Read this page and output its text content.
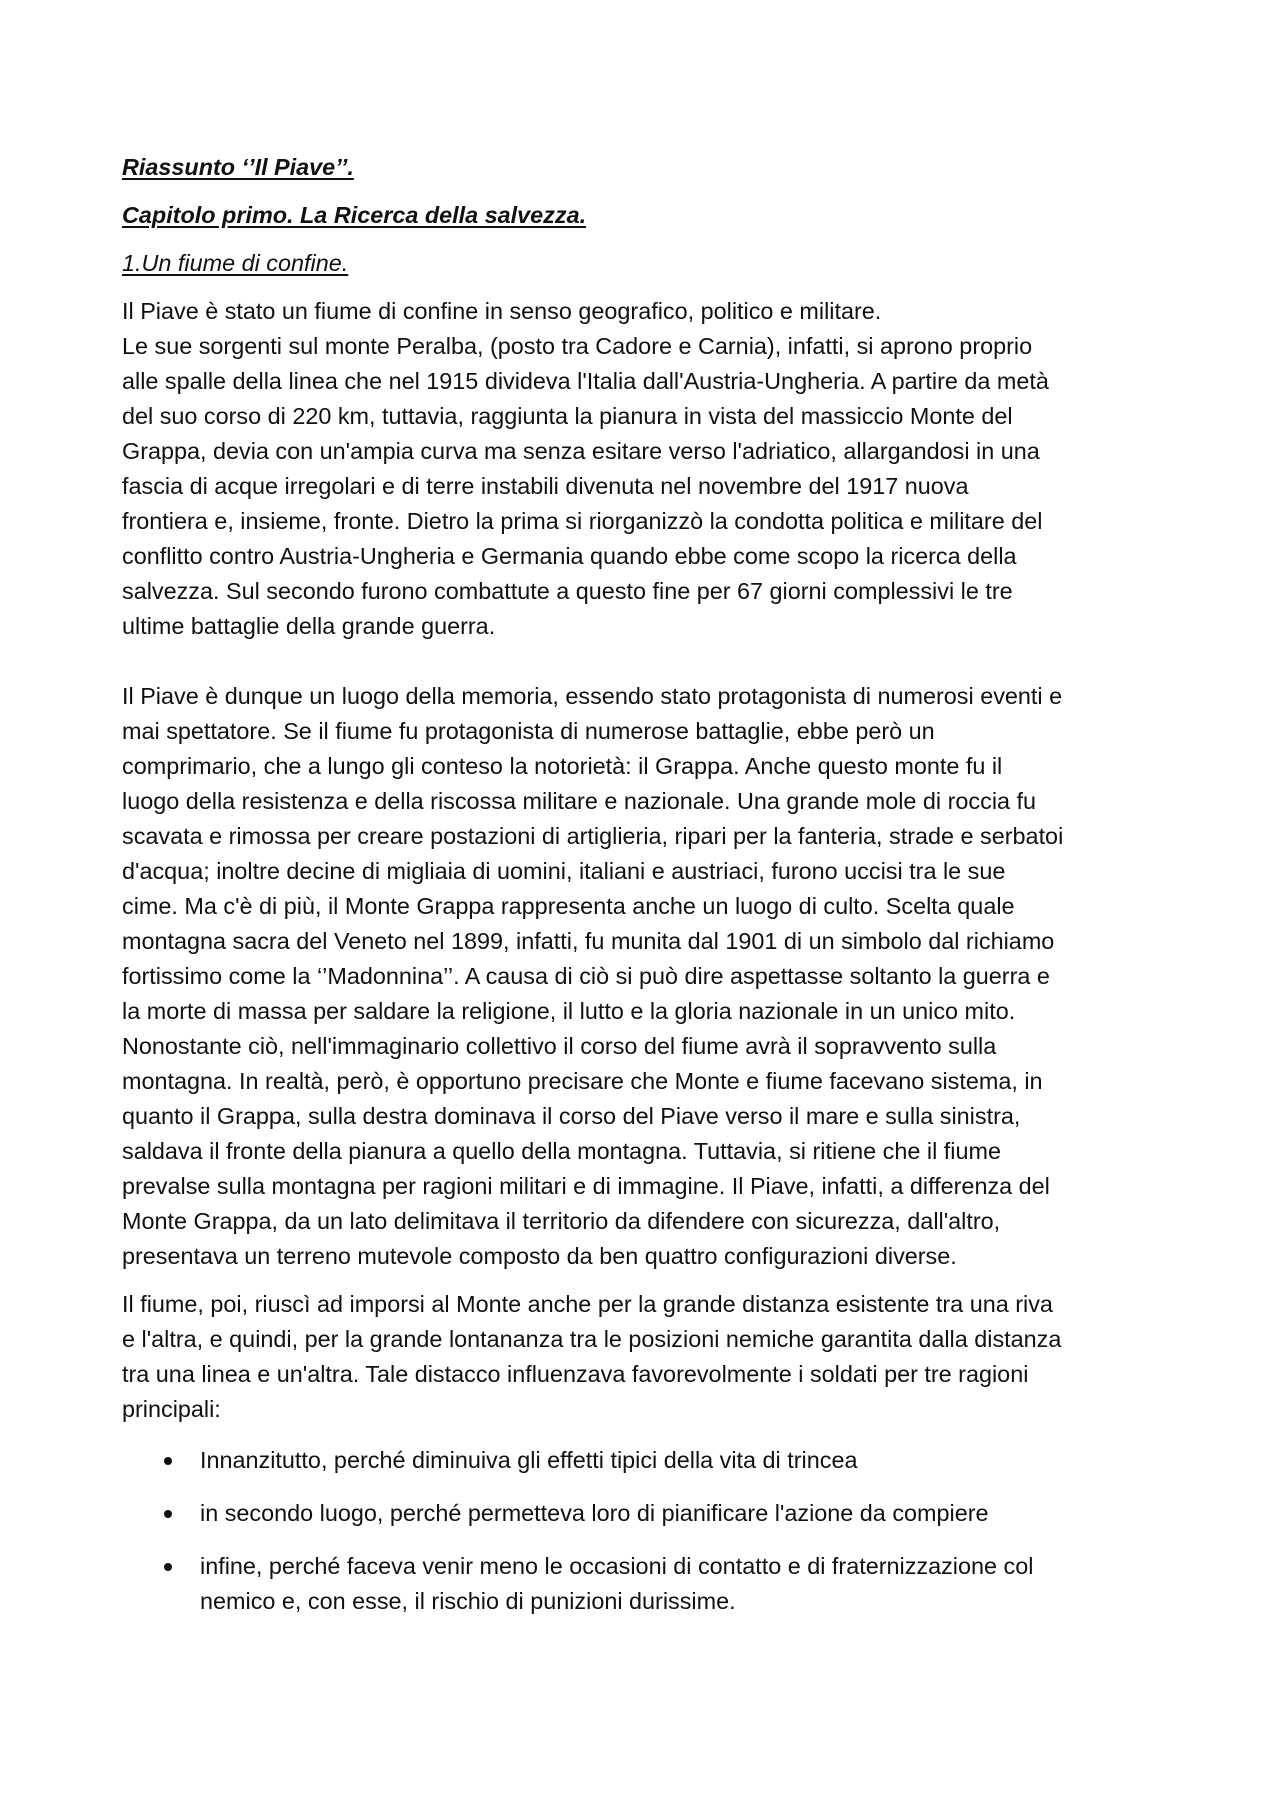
Riassunto ‘’Il Piave’’.

Capitolo primo. La Ricerca della salvezza.

1.Un fiume di confine.

Il Piave è stato un fiume di confine in senso geografico, politico e militare.
Le sue sorgenti sul monte Peralba, (posto tra Cadore e Carnia), infatti, si aprono proprio
alle spalle della linea che nel 1915 divideva l'Italia dall'Austria-Ungheria. A partire da metà
del suo corso di 220 km, tuttavia, raggiunta la pianura in vista del massiccio Monte del
Grappa, devia con un'ampia curva ma senza esitare verso l'adriatico, allargandosi in una
fascia di acque irregolari e di terre instabili divenuta nel novembre del 1917 nuova
frontiera e, insieme, fronte. Dietro la prima si riorganizzò la condotta politica e militare del
conflitto contro Austria-Ungheria e Germania quando ebbe come scopo la ricerca della
salvezza. Sul secondo furono combattute a questo fine per 67 giorni complessivi le tre
ultime battaglie della grande guerra.

Il Piave è dunque un luogo della memoria, essendo stato protagonista di numerosi eventi e
mai spettatore. Se il fiume fu protagonista di numerose battaglie, ebbe però un
comprimario, che a lungo gli conteso la notorietà: il Grappa. Anche questo monte fu il
luogo della resistenza e della riscossa militare e nazionale. Una grande mole di roccia fu
scavata e rimossa per creare postazioni di artiglieria, ripari per la fanteria, strade e serbatoi
d'acqua; inoltre decine di migliaia di uomini, italiani e austriaci, furono uccisi tra le sue
cime. Ma c'è di più, il Monte Grappa rappresenta anche un luogo di culto. Scelta quale
montagna sacra del Veneto nel 1899, infatti, fu munita dal 1901 di un simbolo dal richiamo
fortissimo come la ‘’Madonnina’’. A causa di ciò si può dire aspettasse soltanto la guerra e
la morte di massa per saldare la religione, il lutto e la gloria nazionale in un unico mito.
Nonostante ciò, nell'immaginario collettivo il corso del fiume avrà il sopravvento sulla
montagna. In realtà, però, è opportuno precisare che Monte e fiume facevano sistema, in
quanto il Grappa, sulla destra dominava il corso del Piave verso il mare e sulla sinistra,
saldava il fronte della pianura a quello della montagna. Tuttavia, si ritiene che il fiume
prevalse sulla montagna per ragioni militari e di immagine. Il Piave, infatti, a differenza del
Monte Grappa, da un lato delimitava il territorio da difendere con sicurezza, dall'altro,
presentava un terreno mutevole composto da ben quattro configurazioni diverse.

Il fiume, poi, riuscì ad imporsi al Monte anche per la grande distanza esistente tra una riva
e l'altra, e quindi, per la grande lontananza tra le posizioni nemiche garantita dalla distanza
tra una linea e un'altra. Tale distacco influenzava favorevolmente i soldati per tre ragioni
principali:

Innanzitutto, perché diminuiva gli effetti tipici della vita di trincea
in secondo luogo, perché permetteva loro di pianificare l'azione da compiere
infine, perché faceva venir meno le occasioni di contatto e di fraternizzazione col
nemico e, con esse, il rischio di punizioni durissime.
